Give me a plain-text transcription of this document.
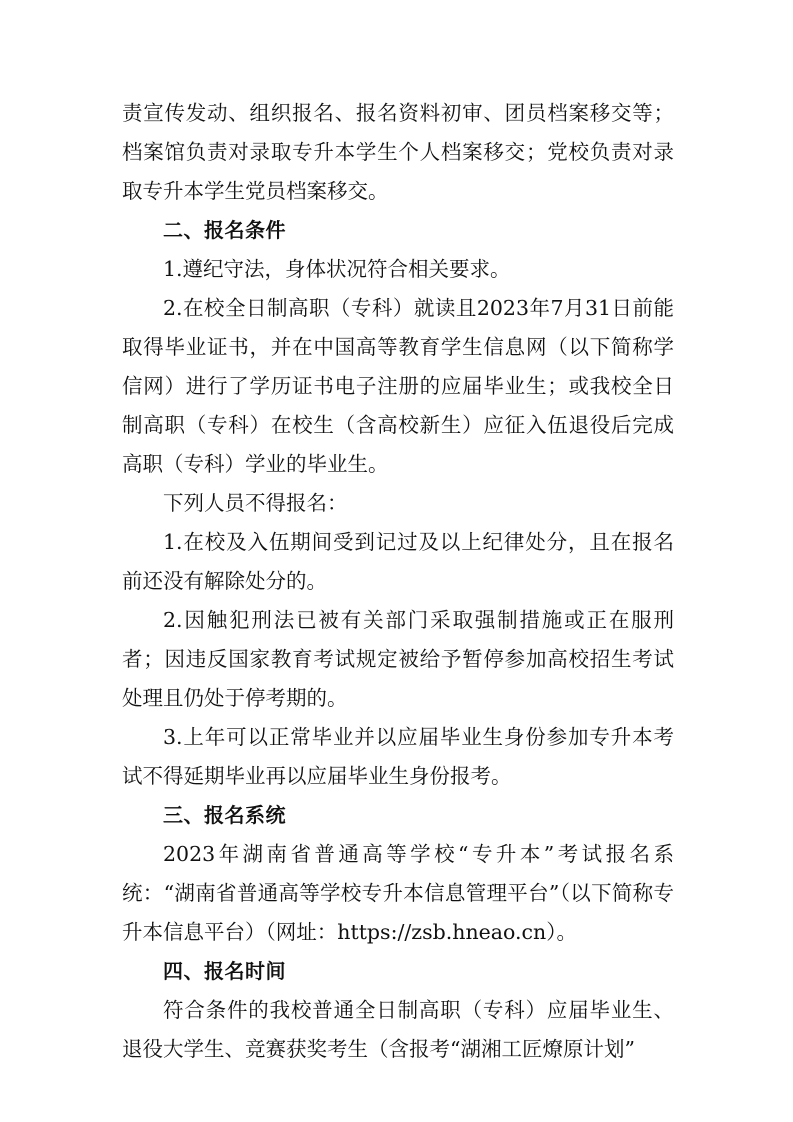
责宣传发动、组织报名、报名资料初审、团员档案移交等；档案馆负责对录取专升本学生个人档案移交；党校负责对录取专升本学生党员档案移交。

二、报名条件

1.遵纪守法，身体状况符合相关要求。

2.在校全日制高职（专科）就读且2023年7月31日前能取得毕业证书，并在中国高等教育学生信息网（以下简称学信网）进行了学历证书电子注册的应届毕业生；或我校全日制高职（专科）在校生（含高校新生）应征入伍退役后完成高职（专科）学业的毕业生。

下列人员不得报名：

1.在校及入伍期间受到记过及以上纪律处分，且在报名前还没有解除处分的。

2.因触犯刑法已被有关部门采取强制措施或正在服刑者；因违反国家教育考试规定被给予暂停参加高校招生考试处理且仍处于停考期的。

3.上年可以正常毕业并以应届毕业生身份参加专升本考试不得延期毕业再以应届毕业生身份报考。

三、报名系统

2023年湖南省普通高等学校“专升本”考试报名系统：“湖南省普通高等学校专升本信息管理平台”（以下简称专升本信息平台）（网址：https://zsb.hneao.cn）。

四、报名时间

符合条件的我校普通全日制高职（专科）应届毕业生、退役大学生、竞赛获奖考生（含报考“湖湘工匠燎原计划”
